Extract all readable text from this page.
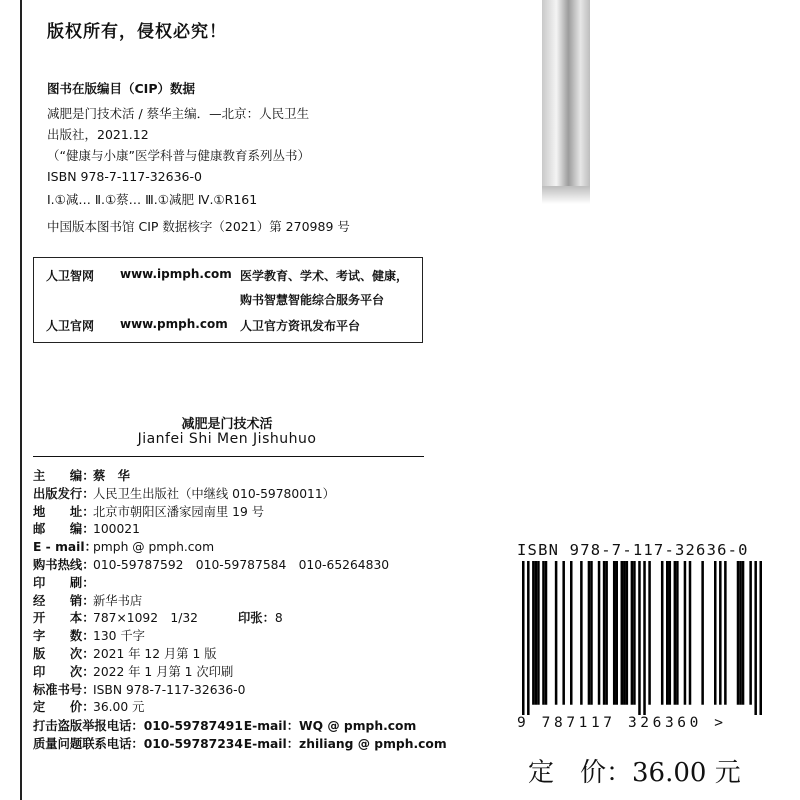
版权所有，侵权必究！
图书在版编目（CIP）数据
减肥是门技术活 / 蔡华主编．—北京：人民卫生
出版社，2021.12
（“健康与小康”医学科普与健康教育系列丛书）
ISBN 978-7-117-32636-0
Ⅰ.①减… Ⅱ.①蔡… Ⅲ.①减肥 Ⅳ.①R161
中国版本图书馆 CIP 数据核字（2021）第 270989 号
人卫智网 www.ipmph.com 医学教育、学术、考试、健康，
购书智慧智能综合服务平台
人卫官网 www.pmph.com 人卫官方资讯发布平台
减肥是门技术活
Jianfei Shi Men Jishuhuo
主　　编：蔡　华
出版发行：人民卫生出版社（中继线 010-59780011）
地　　址：北京市朝阳区潘家园南里 19 号
邮　　编：100021
E - mail：pmph @ pmph.com
购书热线：010-59787592　010-59787584　010-65264830
印　　刷：
经　　销：新华书店
开　　本：787×1092　1/32	印张：8
字　　数：130 千字
版　　次：2021 年 12 月第 1 版
印　　次：2022 年 1 月第 1 次印刷
标准书号：ISBN 978-7-117-32636-0
定　　价：36.00 元
打击盗版举报电话：010-59787491E-mail：WQ @ pmph.com
质量问题联系电话：010-59787234E-mail：zhiliang @ pmph.com
ISBN 978-7-117-32636-0
9 787117 326360 >
定　价：36.00 元
